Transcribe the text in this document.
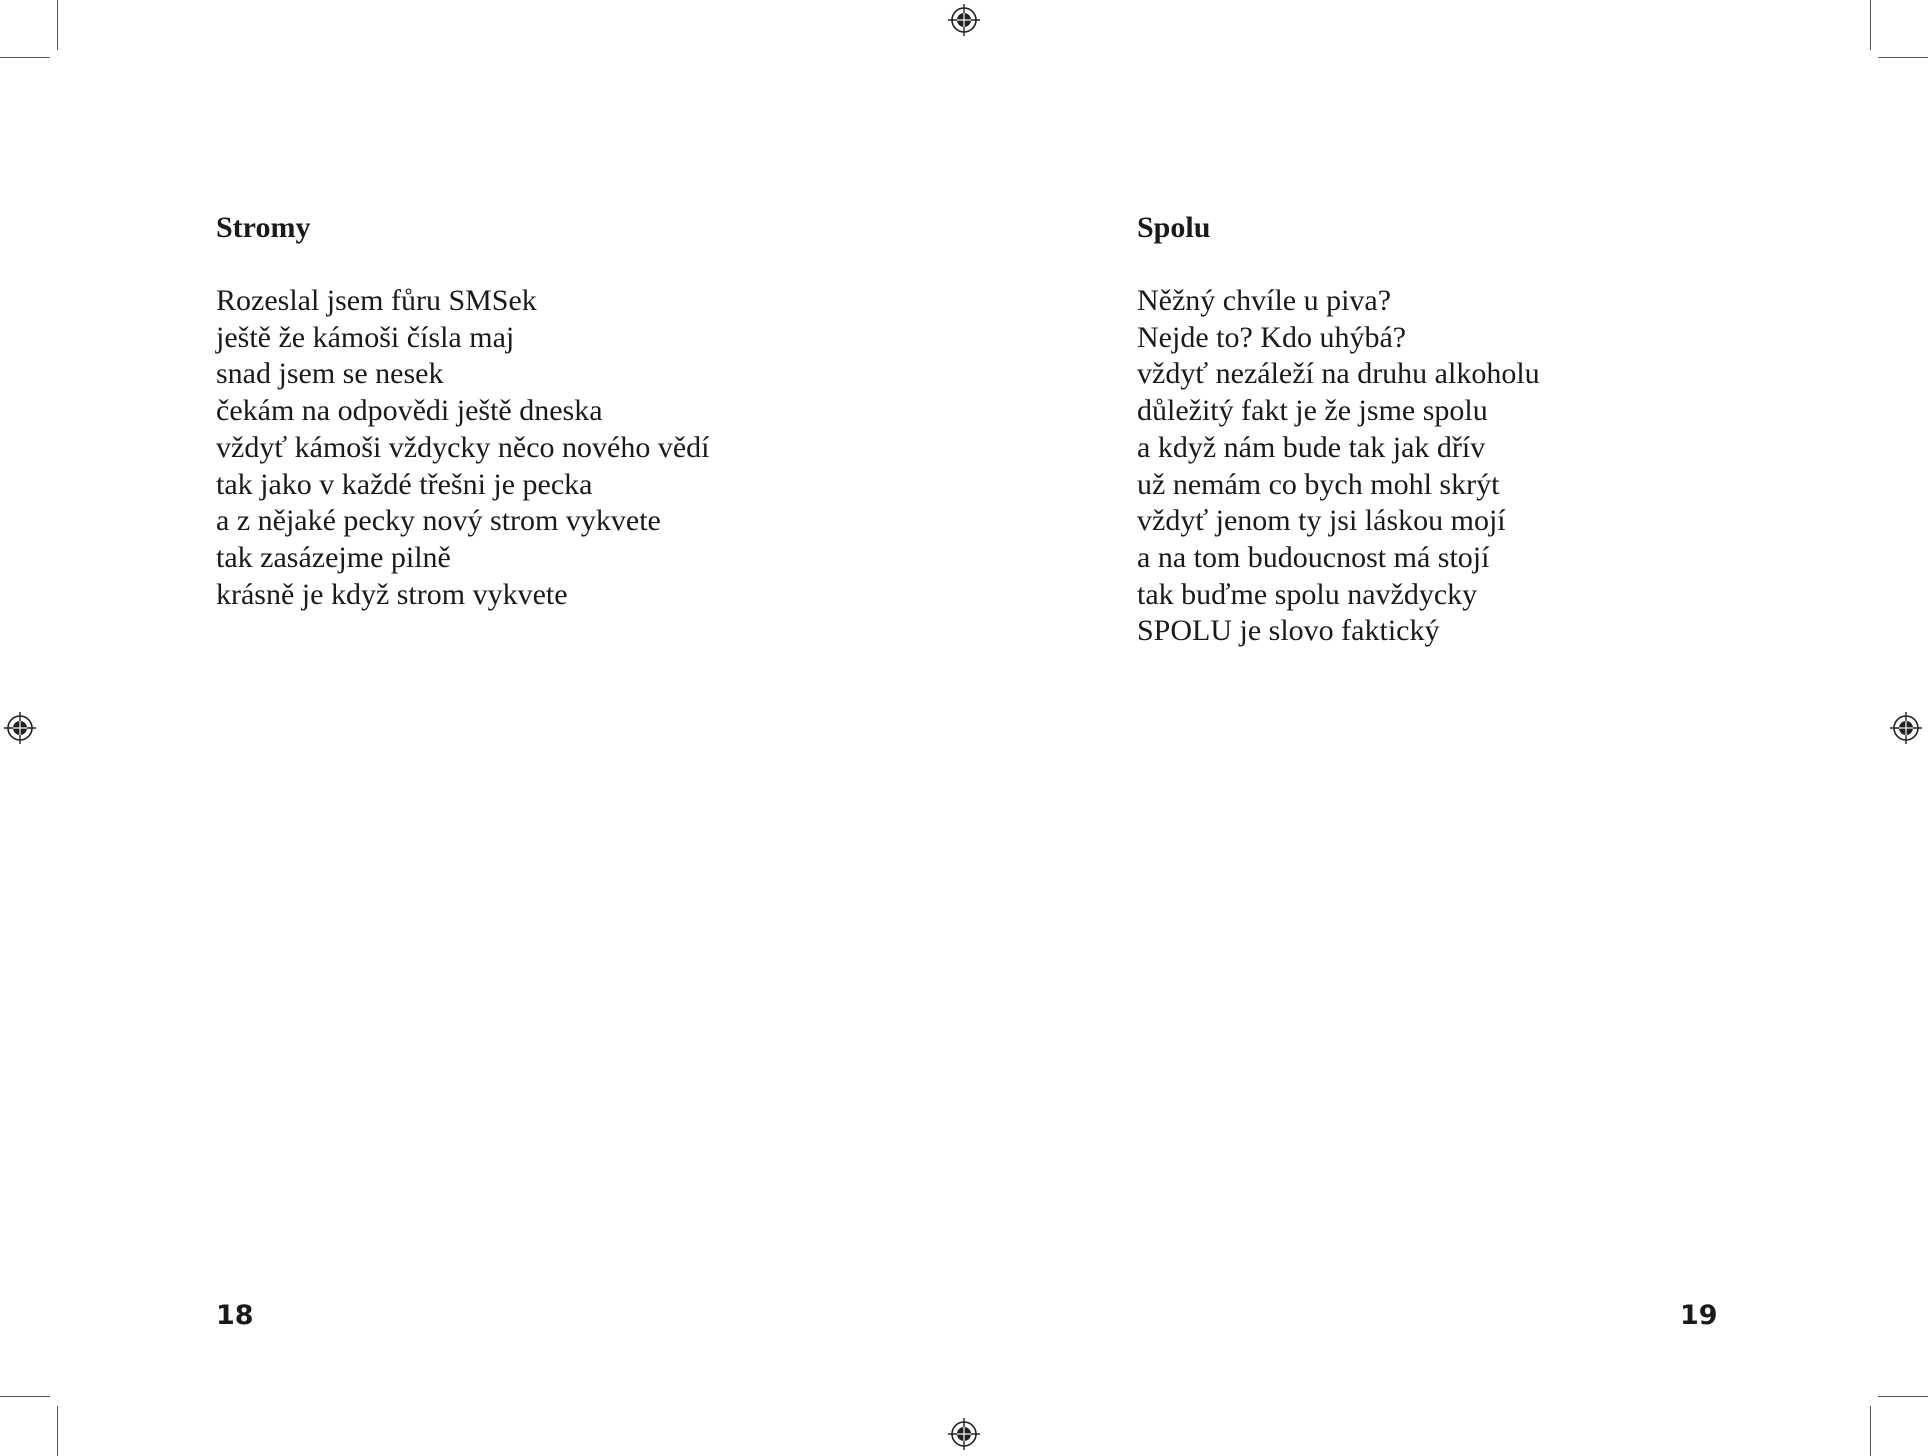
Stromy
Rozeslal jsem fůru SMSek
ještě že kámoši čísla maj
snad jsem se nesek
čekám na odpovědi ještě dneska
vždyť kámoši vždycky něco nového vědí
tak jako v každé třešni je pecka
a z nějaké pecky nový strom vykvete
tak zasázejme pilně
krásně je když strom vykvete
18
Spolu
Něžný chvíle u piva?
Nejde to? Kdo uhýbá?
vždyť nezáleží na druhu alkoholu
důležitý fakt je že jsme spolu
a když nám bude tak jak dřív
už nemám co bych mohl skrýt
vždyť jenom ty jsi láskou mojí
a na tom budoucnost má stojí
tak buďme spolu navždycky
SPOLU je slovo faktický
19
